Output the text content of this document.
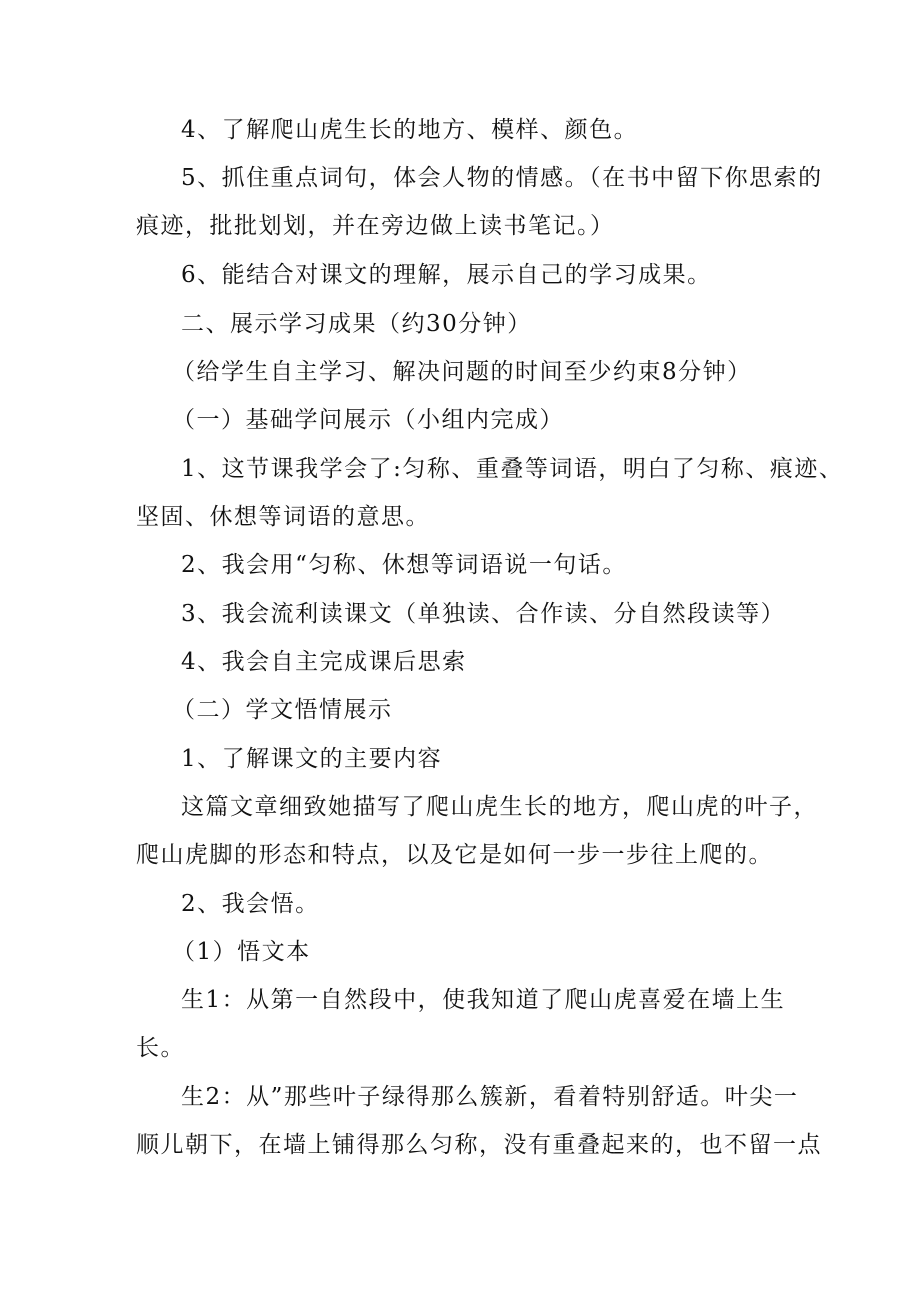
4、了解爬山虎生长的地方、模样、颜色。
5、抓住重点词句，体会人物的情感。（在书中留下你思索的
痕迹，批批划划，并在旁边做上读书笔记。）
6、能结合对课文的理解，展示自己的学习成果。
二、展示学习成果（约30分钟）
（给学生自主学习、解决问题的时间至少约束8分钟）
（一）基础学问展示（小组内完成）
1、这节课我学会了:匀称、重叠等词语，明白了匀称、痕迹、
坚固、休想等词语的意思。
2、我会用“匀称、休想等词语说一句话。
3、我会流利读课文（单独读、合作读、分自然段读等）
4、我会自主完成课后思索
（二）学文悟情展示
1、了解课文的主要内容
这篇文章细致她描写了爬山虎生长的地方，爬山虎的叶子，
爬山虎脚的形态和特点，以及它是如何一步一步往上爬的。
2、我会悟。
（1）悟文本
生1：从第一自然段中，使我知道了爬山虎喜爱在墙上生
长。
生2：从”那些叶子绿得那么簇新，看着特别舒适。叶尖一
顺儿朝下，在墙上铺得那么匀称，没有重叠起来的，也不留一点
